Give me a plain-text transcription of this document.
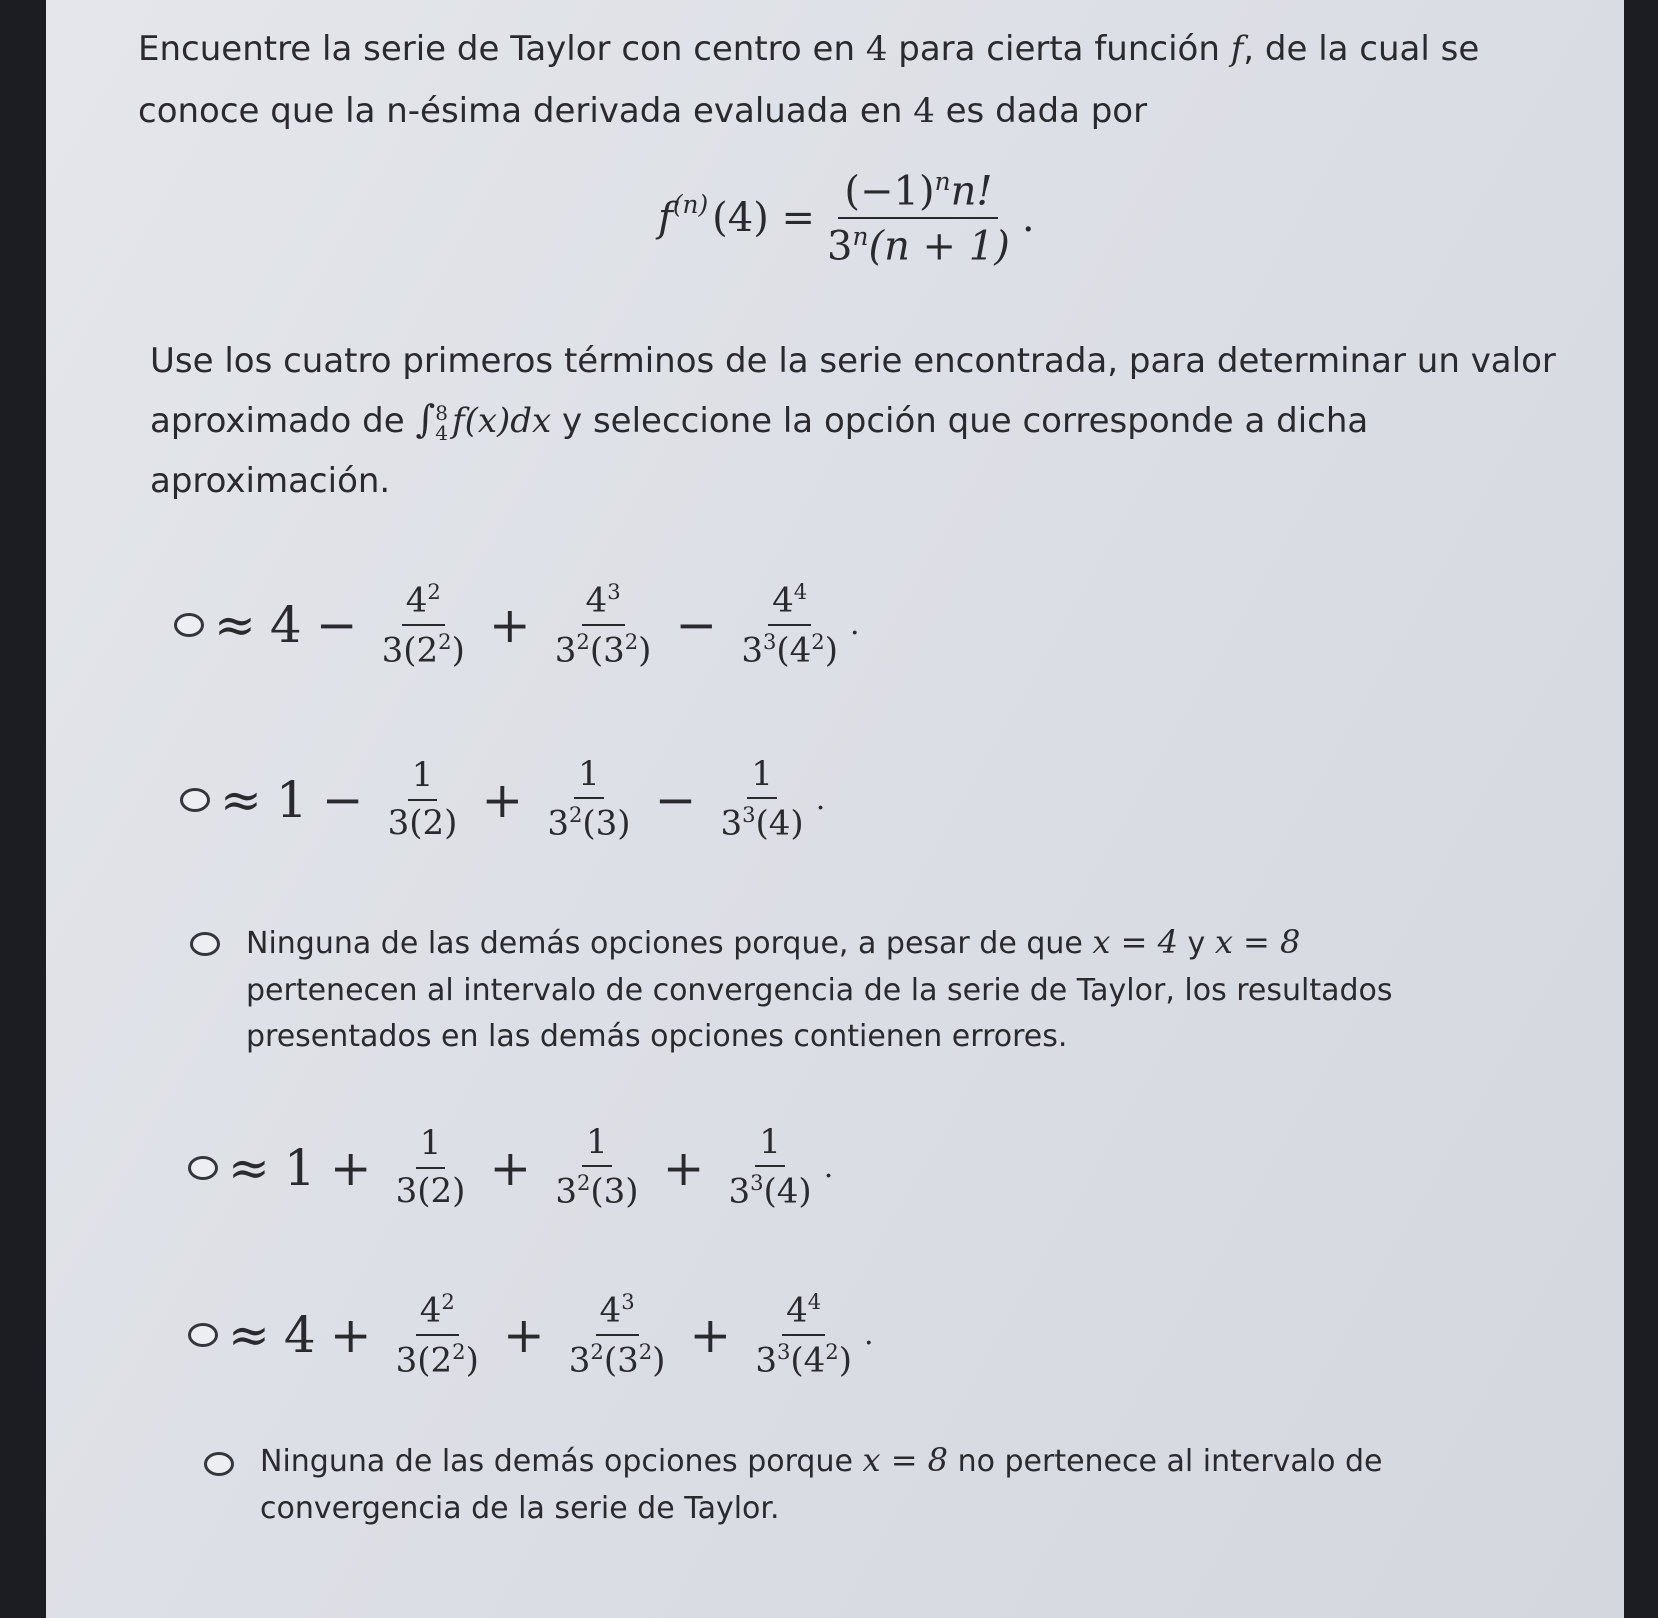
Encuentre la serie de Taylor con centro en 4 para cierta función f, de la cual se

conoce que la n-ésima derivada evaluada en 4 es dada por

$f^{(n)}$ $(4) = \frac{(-1)^nn!}{3^n(n + 1)}$ .

Use los cuatro primeros términos de la serie encontrada, para determinar un valor

aproximado de ∫ 8
4 f(x)dx y seleccione la opción que corresponde a dicha

aproximación.

≈ $4 - \frac{4^2}{3(2^2)} + \frac{4^3}{3^2(3^2)} - \frac{4^4}{3^3(4^2)}$ .
≈ $1 - \frac{1}{3(2)} + \frac{1}{3^2(3)} - \frac{1}{3^3(4)}$ .
Ninguna de las demás opciones porque, a pesar de que x = 4 y x = 8
pertenecen al intervalo de convergencia de la serie de Taylor, los resultados
presentados en las demás opciones contienen errores.
≈ $1 + \frac{1}{3(2)} + \frac{1}{3^2(3)} + \frac{1}{3^3(4)}$ .
≈ $4 + \frac{4^2}{3(2^2)} + \frac{4^3}{3^2(3^2)} + \frac{4^4}{3^3(4^2)}$ .
Ninguna de las demás opciones porque x = 8 no pertenece al intervalo de
convergencia de la serie de Taylor.
